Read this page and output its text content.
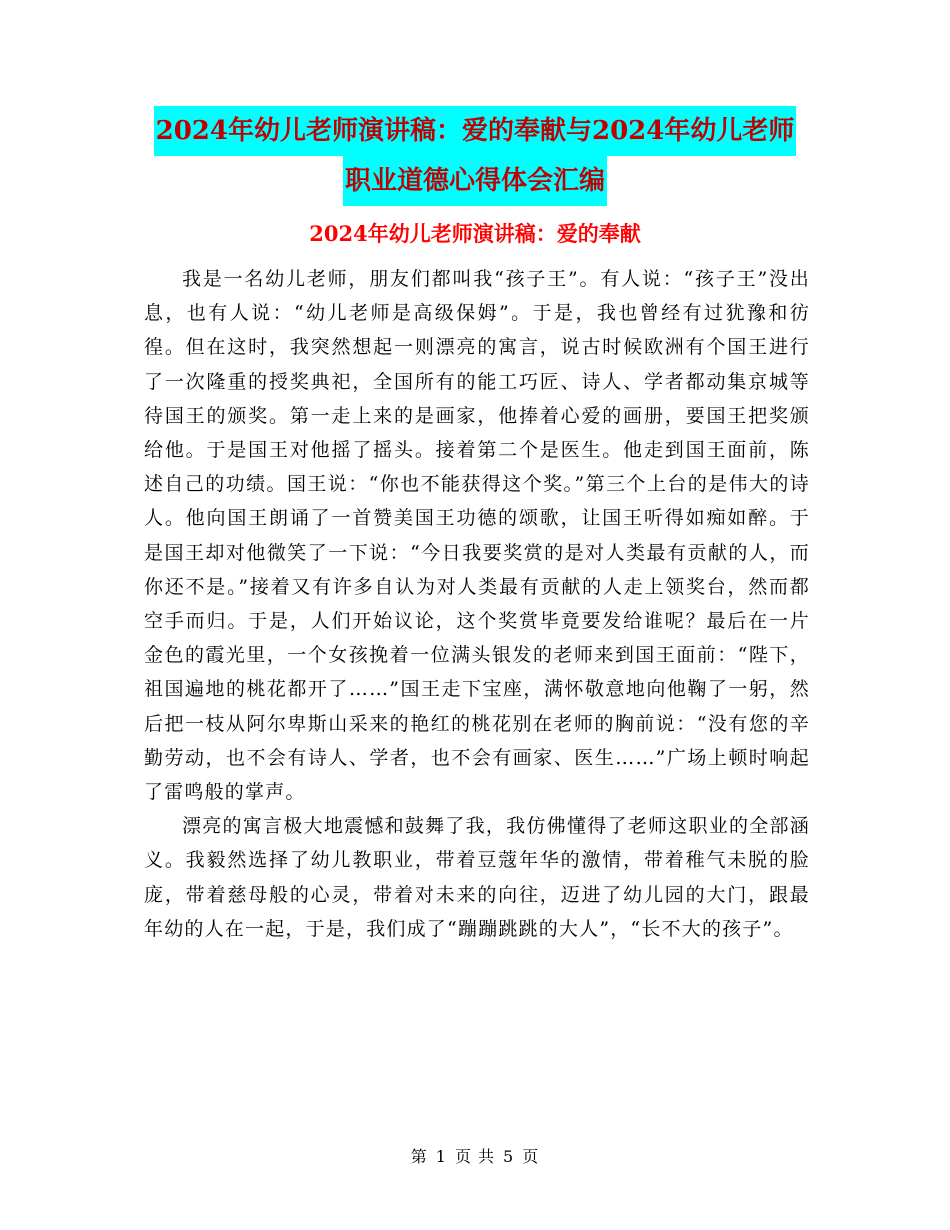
2024年幼儿老师演讲稿：爱的奉献与2024年幼儿老师
职业道德心得体会汇编
2024年幼儿老师演讲稿：爱的奉献

我是一名幼儿老师，朋友们都叫我“孩子王”。有人说：“孩子王”没出息，也有人说：“幼儿老师是高级保姆”。于是，我也曾经有过犹豫和彷徨。但在这时，我突然想起一则漂亮的寓言，说古时候欧洲有个国王进行了一次隆重的授奖典祀，全国所有的能工巧匠、诗人、学者都动集京城等待国王的颁奖。第一走上来的是画家，他捧着心爱的画册，要国王把奖颁给他。于是国王对他摇了摇头。接着第二个是医生。他走到国王面前，陈述自己的功绩。国王说：“你也不能获得这个奖。”第三个上台的是伟大的诗人。他向国王朗诵了一首赞美国王功德的颂歌，让国王听得如痴如醉。于是国王却对他微笑了一下说：“今日我要奖赏的是对人类最有贡献的人，而你还不是。”接着又有许多自认为对人类最有贡献的人走上领奖台，然而都空手而归。于是，人们开始议论，这个奖赏毕竟要发给谁呢？最后在一片金色的霞光里，一个女孩挽着一位满头银发的老师来到国王面前：“陛下，祖国遍地的桃花都开了……”国王走下宝座，满怀敬意地向他鞠了一躬，然后把一枝从阿尔卑斯山采来的艳红的桃花别在老师的胸前说：“没有您的辛勤劳动，也不会有诗人、学者，也不会有画家、医生……”广场上顿时响起了雷鸣般的掌声。

漂亮的寓言极大地震憾和鼓舞了我，我仿佛懂得了老师这职业的全部涵义。我毅然选择了幼儿教职业，带着豆蔻年华的激情，带着稚气未脱的脸庞，带着慈母般的心灵，带着对未来的向往，迈进了幼儿园的大门，跟最年幼的人在一起，于是，我们成了“蹦蹦跳跳的大人”，“长不大的孩子”。

第 1 页 共 5 页
